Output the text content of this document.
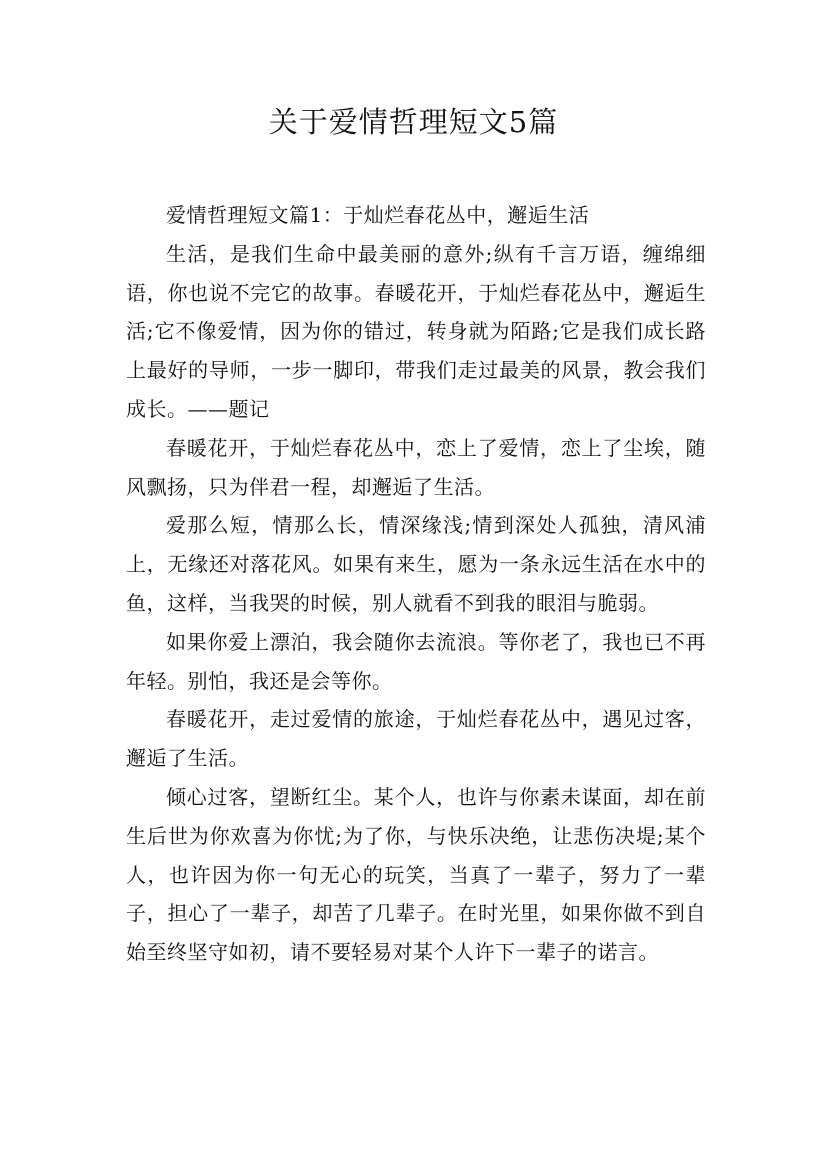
关于爱情哲理短文5篇

爱情哲理短文篇1：于灿烂春花丛中，邂逅生活

生活，是我们生命中最美丽的意外;纵有千言万语，缠绵细语，你也说不完它的故事。春暖花开，于灿烂春花丛中，邂逅生活;它不像爱情，因为你的错过，转身就为陌路;它是我们成长路上最好的导师，一步一脚印，带我们走过最美的风景，教会我们成长。——题记

春暖花开，于灿烂春花丛中，恋上了爱情，恋上了尘埃，随风飘扬，只为伴君一程，却邂逅了生活。

爱那么短，情那么长，情深缘浅;情到深处人孤独，清风浦上，无缘还对落花风。如果有来生，愿为一条永远生活在水中的鱼，这样，当我哭的时候，别人就看不到我的眼泪与脆弱。

如果你爱上漂泊，我会随你去流浪。等你老了，我也已不再年轻。别怕，我还是会等你。

春暖花开，走过爱情的旅途，于灿烂春花丛中，遇见过客，邂逅了生活。

倾心过客，望断红尘。某个人，也许与你素未谋面，却在前生后世为你欢喜为你忧;为了你，与快乐决绝，让悲伤决堤;某个人，也许因为你一句无心的玩笑，当真了一辈子，努力了一辈子，担心了一辈子，却苦了几辈子。在时光里，如果你做不到自始至终坚守如初，请不要轻易对某个人许下一辈子的诺言。
